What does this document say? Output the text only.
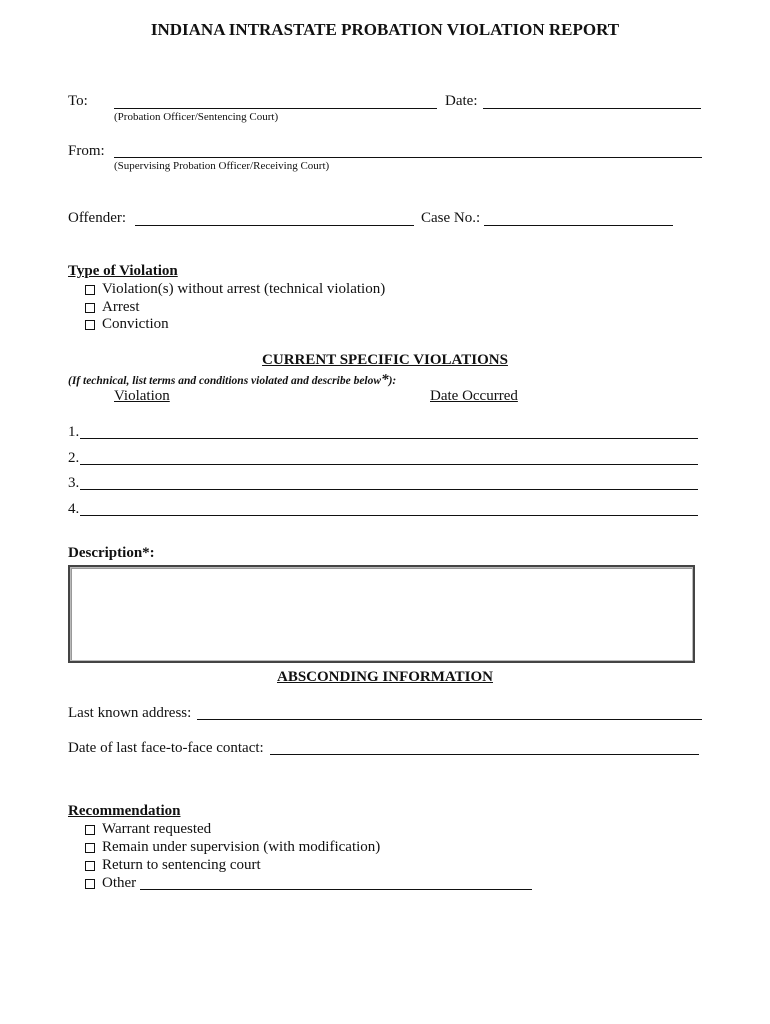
INDIANA INTRASTATE PROBATION VIOLATION REPORT
To:
(Probation Officer/Sentencing Court)
Date:
From:
(Supervising Probation Officer/Receiving Court)
Offender:	Case No.:
Type of Violation
Violation(s) without arrest (technical violation)
Arrest
Conviction
CURRENT SPECIFIC VIOLATIONS
(If technical, list terms and conditions violated and describe below*):
Violation	Date Occurred
1.
2.
3.
4.
Description*:
ABSCONDING INFORMATION
Last known address:
Date of last face-to-face contact:
Recommendation
Warrant requested
Remain under supervision (with modification)
Return to sentencing court
Other
